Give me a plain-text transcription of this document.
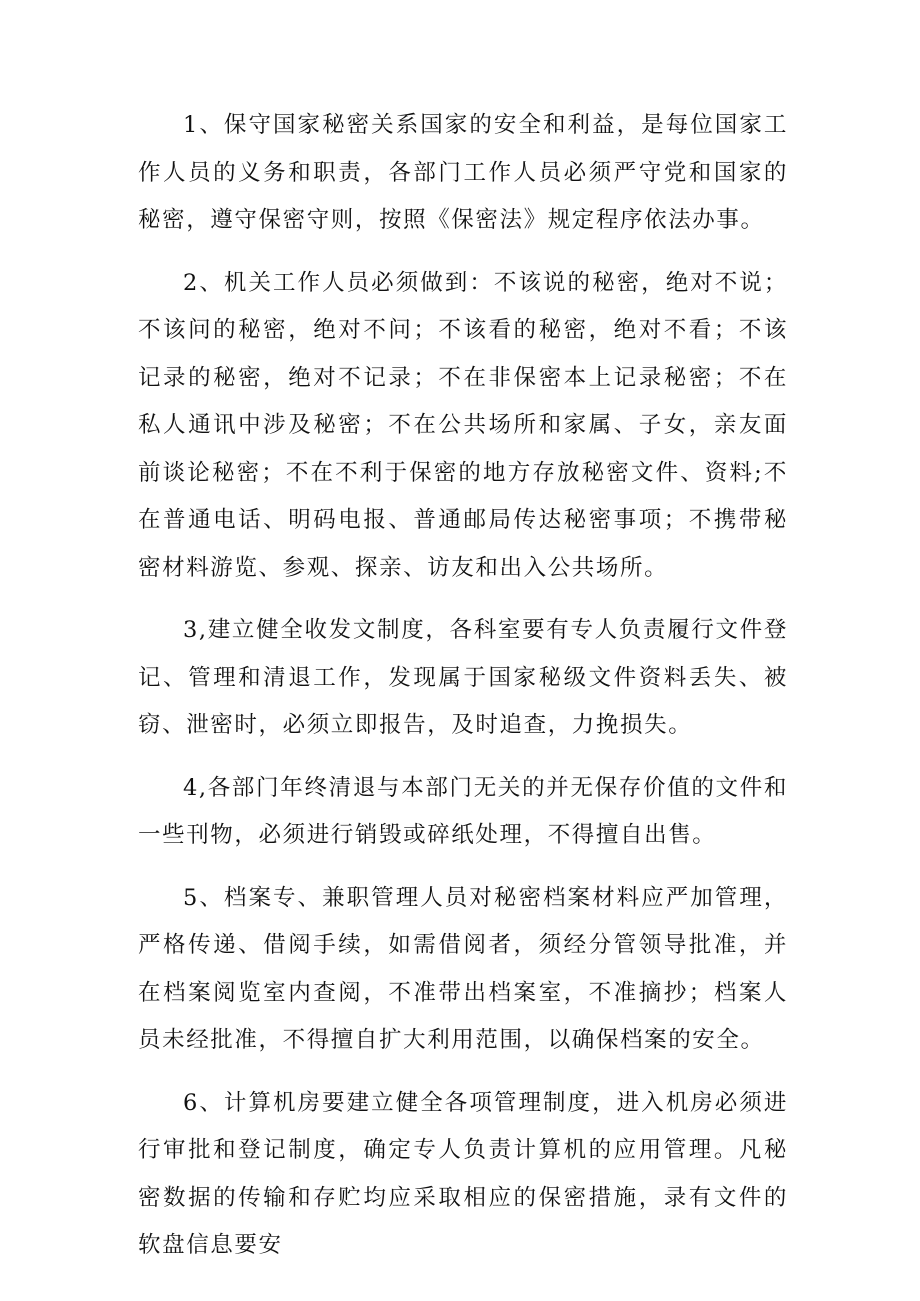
1、保守国家秘密关系国家的安全和利益，是每位国家工作人员的义务和职责，各部门工作人员必须严守党和国家的秘密，遵守保密守则，按照《保密法》规定程序依法办事。

2、机关工作人员必须做到：不该说的秘密，绝对不说；不该问的秘密，绝对不问；不该看的秘密，绝对不看；不该记录的秘密，绝对不记录；不在非保密本上记录秘密；不在私人通讯中涉及秘密；不在公共场所和家属、子女，亲友面前谈论秘密；不在不利于保密的地方存放秘密文件、资料;不在普通电话、明码电报、普通邮局传达秘密事项；不携带秘密材料游览、参观、探亲、访友和出入公共场所。

3,建立健全收发文制度，各科室要有专人负责履行文件登记、管理和清退工作，发现属于国家秘级文件资料丢失、被窃、泄密时，必须立即报告，及时追查，力挽损失。

4,各部门年终清退与本部门无关的并无保存价值的文件和一些刊物，必须进行销毁或碎纸处理，不得擅自出售。

5、档案专、兼职管理人员对秘密档案材料应严加管理，严格传递、借阅手续，如需借阅者，须经分管领导批准，并在档案阅览室内查阅，不准带出档案室，不准摘抄；档案人员未经批准，不得擅自扩大利用范围，以确保档案的安全。

6、计算机房要建立健全各项管理制度，进入机房必须进行审批和登记制度，确定专人负责计算机的应用管理。凡秘密数据的传输和存贮均应采取相应的保密措施，录有文件的软盘信息要安
